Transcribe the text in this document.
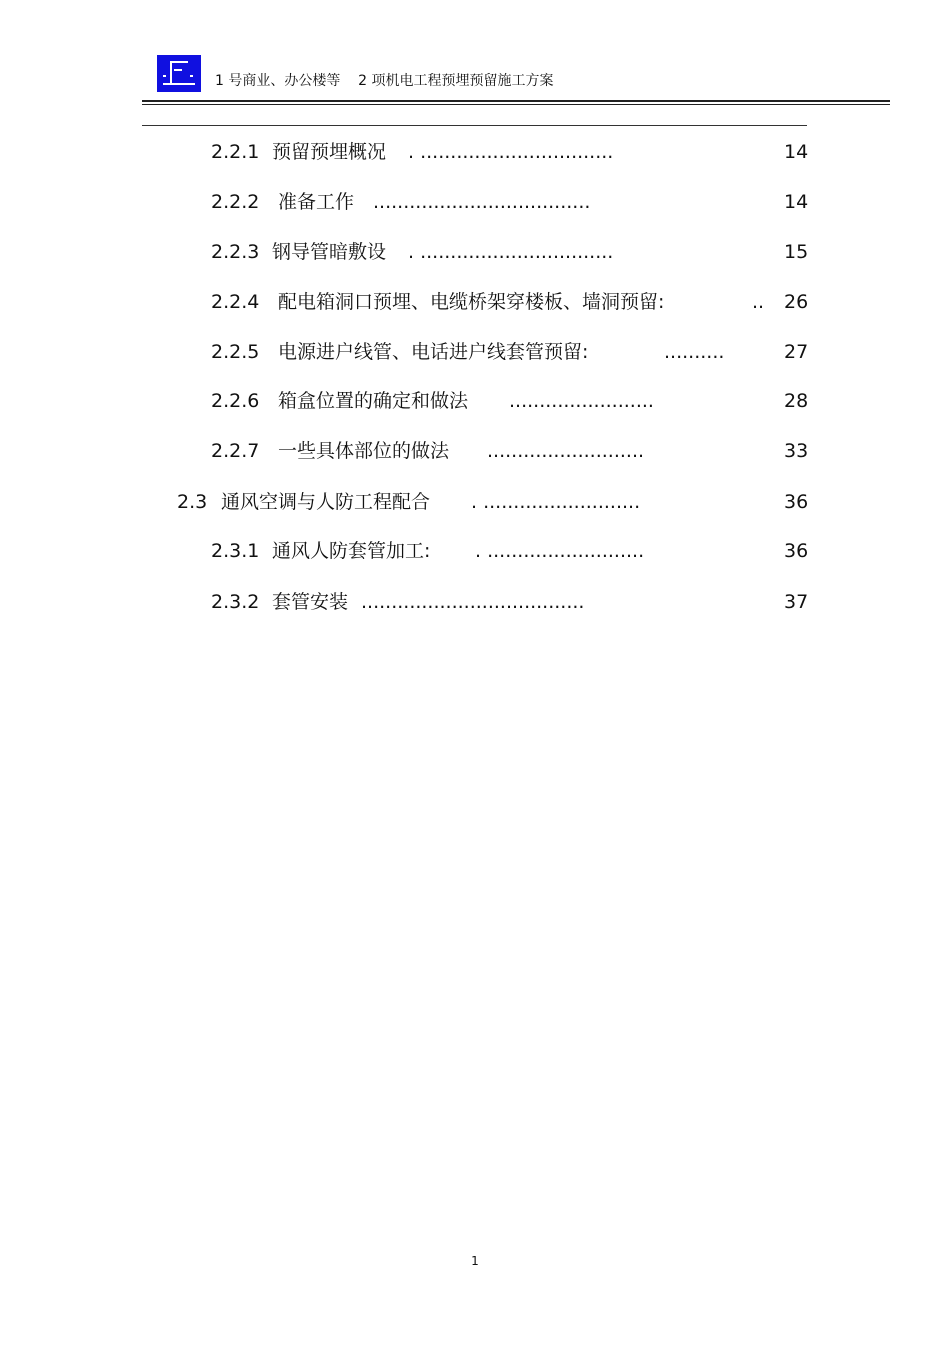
1 号商业、办公楼等    2 项机电工程预埋预留施工方案
2.2.1 预留预埋概况 . ................................	14
2.2.2 准备工作 ....................................	14
2.2.3 钢导管暗敷设 . ................................	15
2.2.4 配电箱洞口预埋、电缆桥架穿楼板、墙洞预留:	.. 26
2.2.5 电源进户线管、电话进户线套管预留:	..........	27
2.2.6 箱盒位置的确定和做法 ........................	28
2.2.7 一些具体部位的做法 ..........................	33
2.3 通风空调与人防工程配合 . ..........................	36
2.3.1 通风人防套管加工: . ..........................	36
2.3.2 套管安装 .....................................	37
1
